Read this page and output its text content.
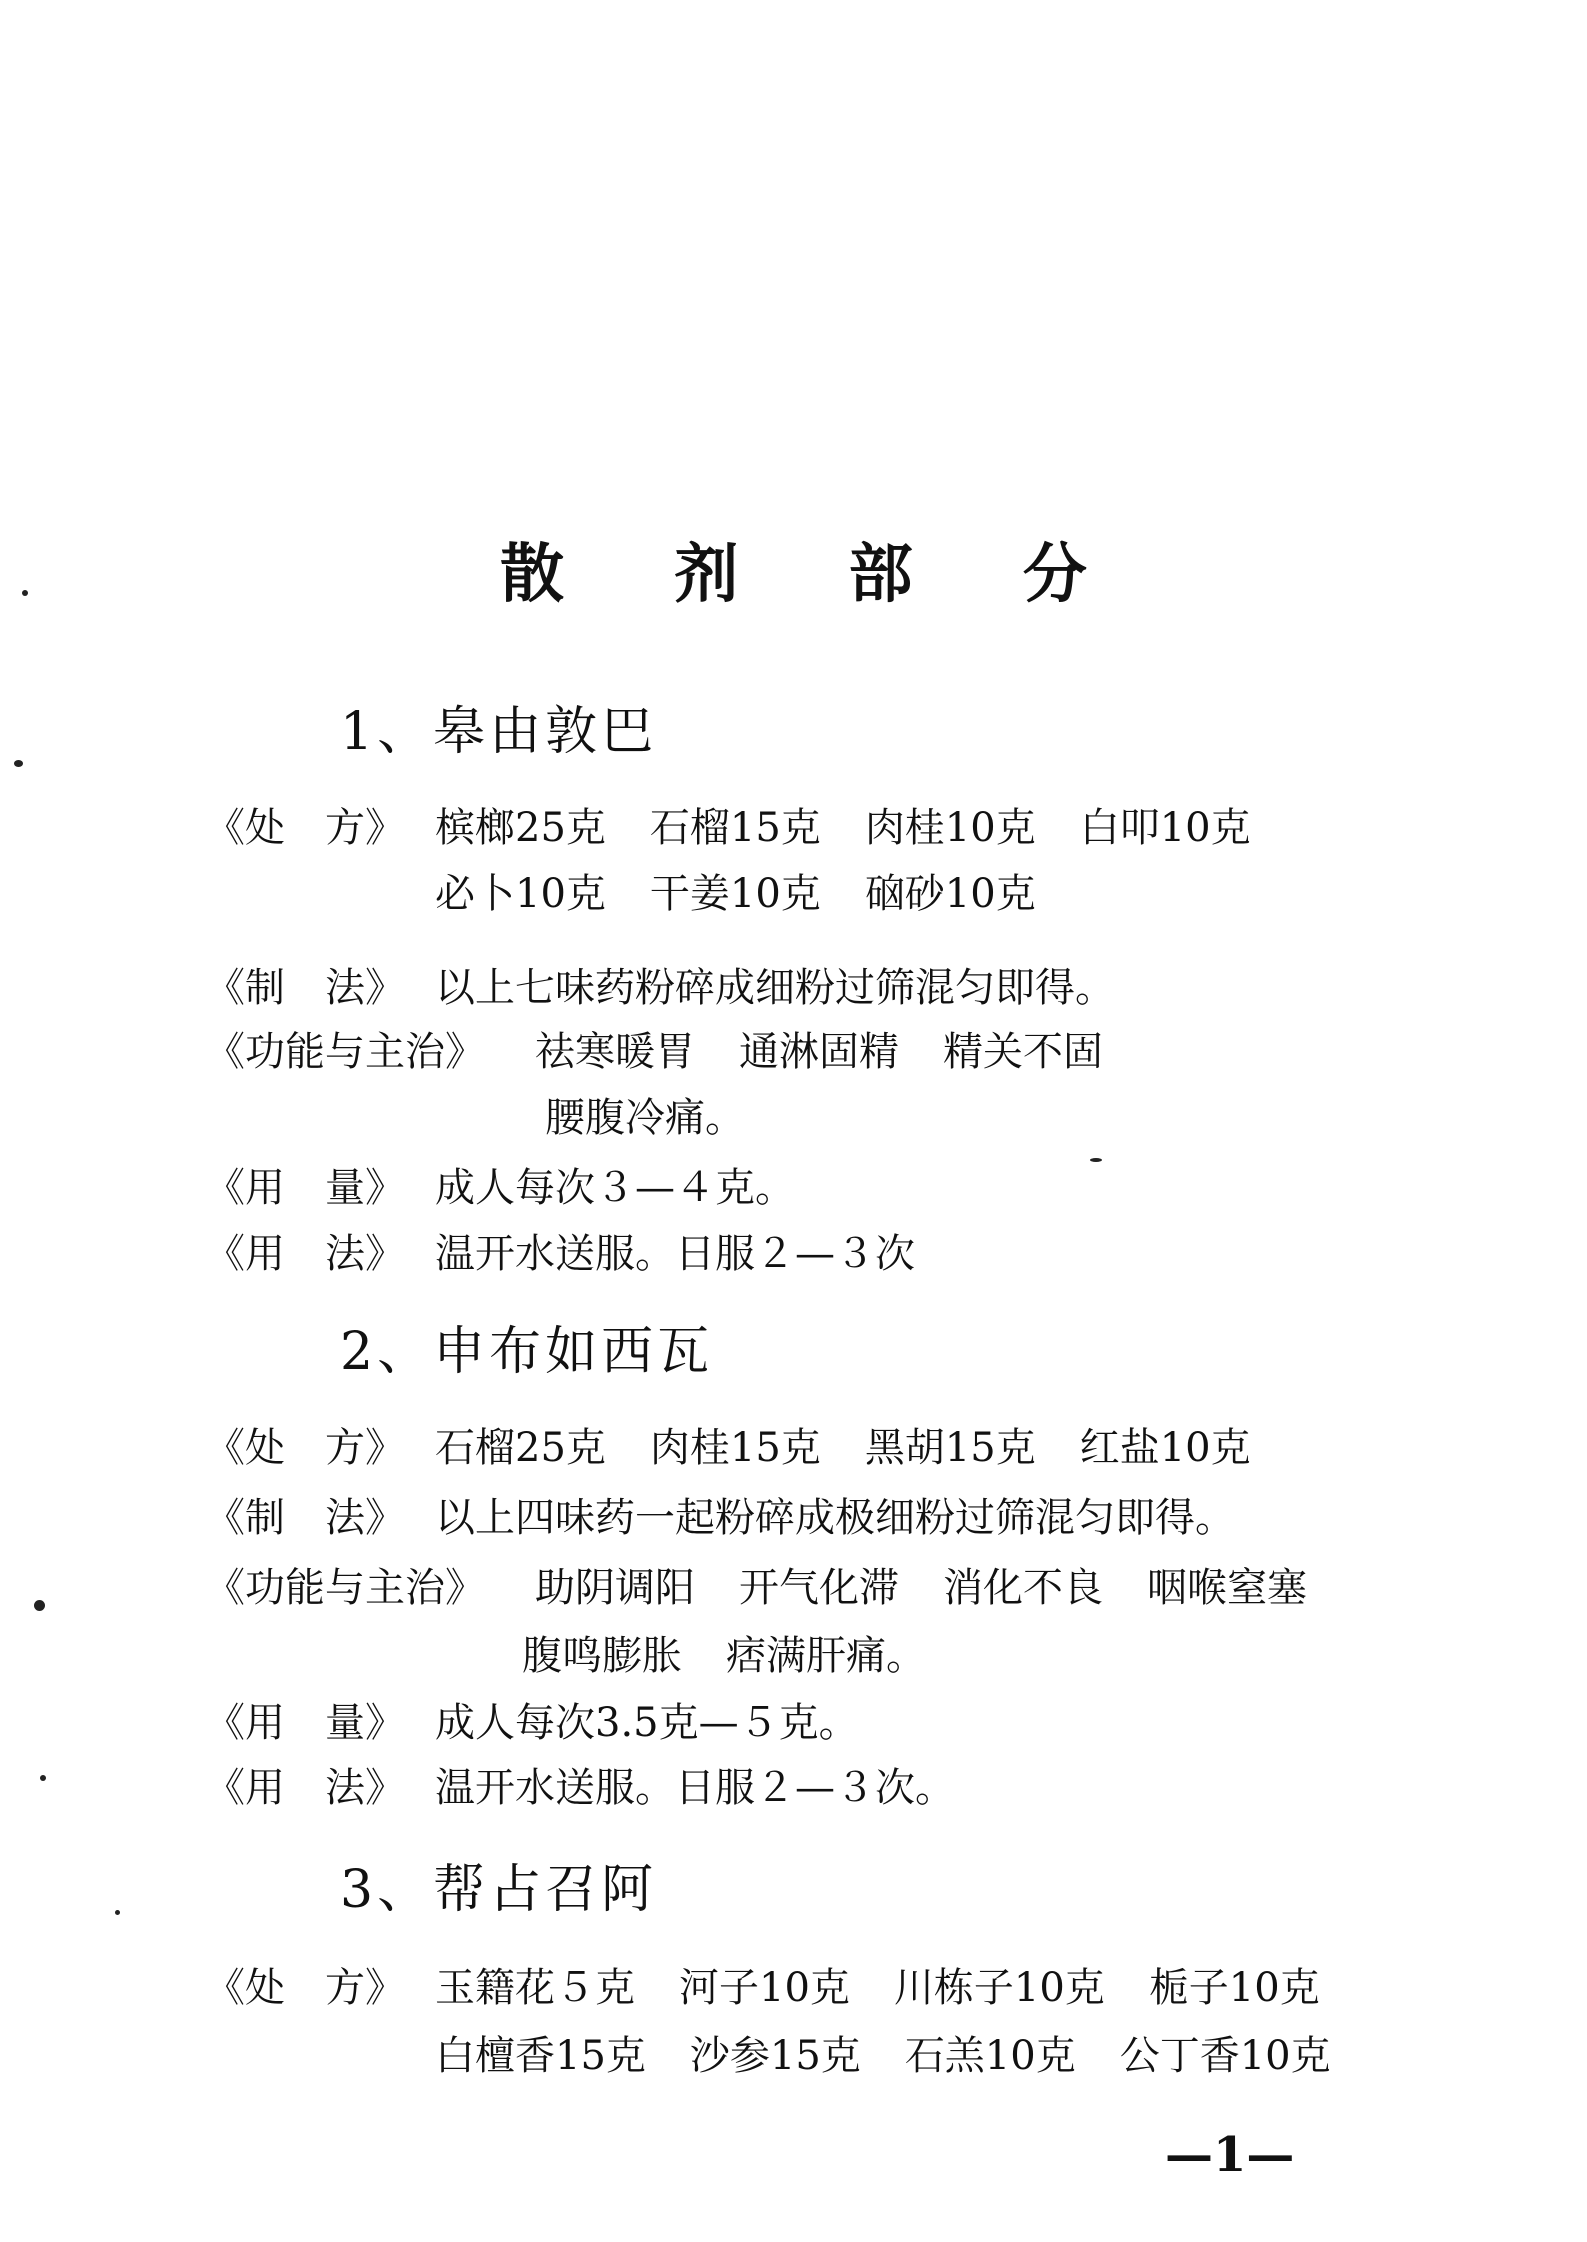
散 剂 部 分
1、皋由敦巴
《处　方》 槟榔25克 石榴15克 肉桂10克 白叩10克
必卜10克 干姜10克 硇砂10克
《制　法》 以上七味药粉碎成细粉过筛混匀即得。
《功能与主治》 祛寒暖胃 通淋固精 精关不固
腰腹冷痛。
《用　量》 成人每次３—４克。
《用　法》 温开水送服。日服２—３次
2、申布如西瓦
《处　方》 石榴25克 肉桂15克 黑胡15克 红盐10克
《制　法》 以上四味药一起粉碎成极细粉过筛混匀即得。
《功能与主治》 助阴调阳 开气化滞 消化不良 咽喉窒塞
腹鸣膨胀 痞满肝痛。
《用　量》 成人每次3.5克—５克。
《用　法》 温开水送服。日服２—３次。
3、帮占召阿
《处　方》 玉籍花５克 河子10克 川栋子10克 栀子10克
白檀香15克 沙参15克 石羔10克 公丁香10克
—1—
